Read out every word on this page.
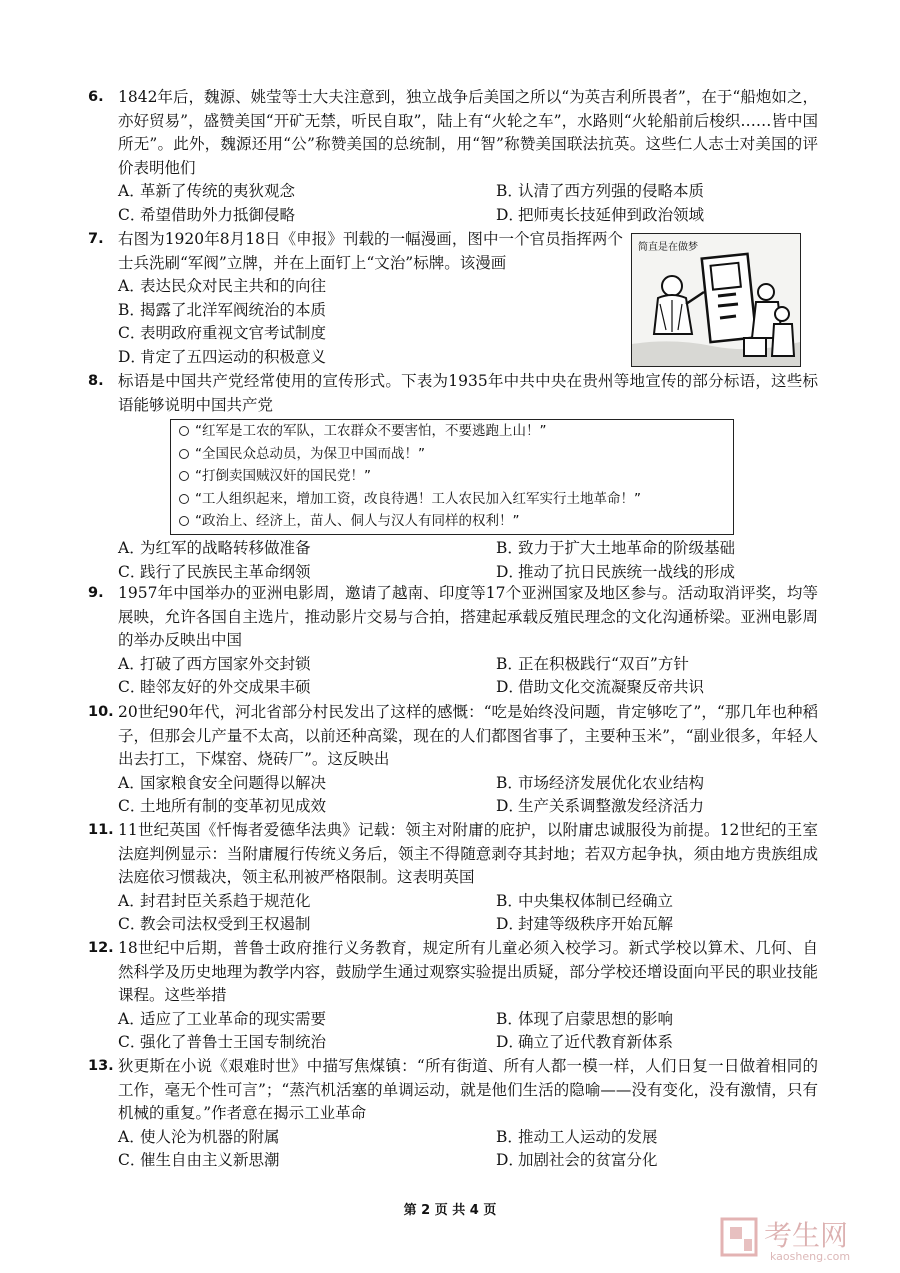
6. 1842年后，魏源、姚莹等士大夫注意到，独立战争后美国之所以“为英吉利所畏者”，在于“船炮如之，亦好贸易”，盛赞美国“开矿无禁，听民自取”，陆上有“火轮之车”，水路则“火轮船前后梭织……皆中国所无”。此外，魏源还用“公”称赞美国的总统制，用“智”称赞美国联法抗英。这些仁人志士对美国的评价表明他们
A．革新了传统的夷狄观念	B．认清了西方列强的侵略本质
C．希望借助外力抵御侵略	D．把师夷长技延伸到政治领域
7. 右图为1920年8月18日《申报》刊载的一幅漫画，图中一个官员指挥两个士兵洗刷“军阀”立牌，并在上面钉上“文治”标牌。该漫画
A．表达民众对民主共和的向往
B．揭露了北洋军阀统治的本质
C．表明政府重视文官考试制度
D．肯定了五四运动的积极意义
简直是在做梦
8. 标语是中国共产党经常使用的宣传形式。下表为1935年中共中央在贵州等地宣传的部分标语，这些标语能够说明中国共产党
A．为红军的战略转移做准备	B．致力于扩大土地革命的阶级基础
C．践行了民族民主革命纲领	D．推动了抗日民族统一战线的形成
“红军是工农的军队，工农群众不要害怕，不要逃跑上山！”
“全国民众总动员，为保卫中国而战！”
“打倒卖国贼汉奸的国民党！”
“工人组织起来，增加工资，改良待遇！工人农民加入红军实行土地革命！”
“政治上、经济上，苗人、侗人与汉人有同样的权利！”
9. 1957年中国举办的亚洲电影周，邀请了越南、印度等17个亚洲国家及地区参与。活动取消评奖，均等展映，允许各国自主选片，推动影片交易与合拍，搭建起承载反殖民理念的文化沟通桥梁。亚洲电影周的举办反映出中国
A．打破了西方国家外交封锁	B．正在积极践行“双百”方针
C．睦邻友好的外交成果丰硕	D．借助文化交流凝聚反帝共识
10. 20世纪90年代，河北省部分村民发出了这样的感慨：“吃是始终没问题，肯定够吃了”，“那几年也种稻子，但那会儿产量不太高，以前还种高粱，现在的人们都图省事了，主要种玉米”，“副业很多，年轻人出去打工，下煤窑、烧砖厂”。这反映出
A．国家粮食安全问题得以解决	B．市场经济发展优化农业结构
C．土地所有制的变革初见成效	D．生产关系调整激发经济活力
11. 11世纪英国《忏悔者爱德华法典》记载：领主对附庸的庇护，以附庸忠诚服役为前提。12世纪的王室法庭判例显示：当附庸履行传统义务后，领主不得随意剥夺其封地；若双方起争执，须由地方贵族组成法庭依习惯裁决，领主私刑被严格限制。这表明英国
A．封君封臣关系趋于规范化	B．中央集权体制已经确立
C．教会司法权受到王权遏制	D．封建等级秩序开始瓦解
12. 18世纪中后期，普鲁士政府推行义务教育，规定所有儿童必须入校学习。新式学校以算术、几何、自然科学及历史地理为教学内容，鼓励学生通过观察实验提出质疑，部分学校还增设面向平民的职业技能课程。这些举措
A．适应了工业革命的现实需要	B．体现了启蒙思想的影响
C．强化了普鲁士王国专制统治	D．确立了近代教育新体系
13. 狄更斯在小说《艰难时世》中描写焦煤镇：“所有街道、所有人都一模一样，人们日复一日做着相同的工作，毫无个性可言”；“蒸汽机活塞的单调运动，就是他们生活的隐喻——没有变化，没有激情，只有机械的重复。”作者意在揭示工业革命
A．使人沦为机器的附属	B．推动工人运动的发展
C．催生自由主义新思潮	D．加剧社会的贫富分化
第 2 页 共 4 页
考生网
kaosheng.com
